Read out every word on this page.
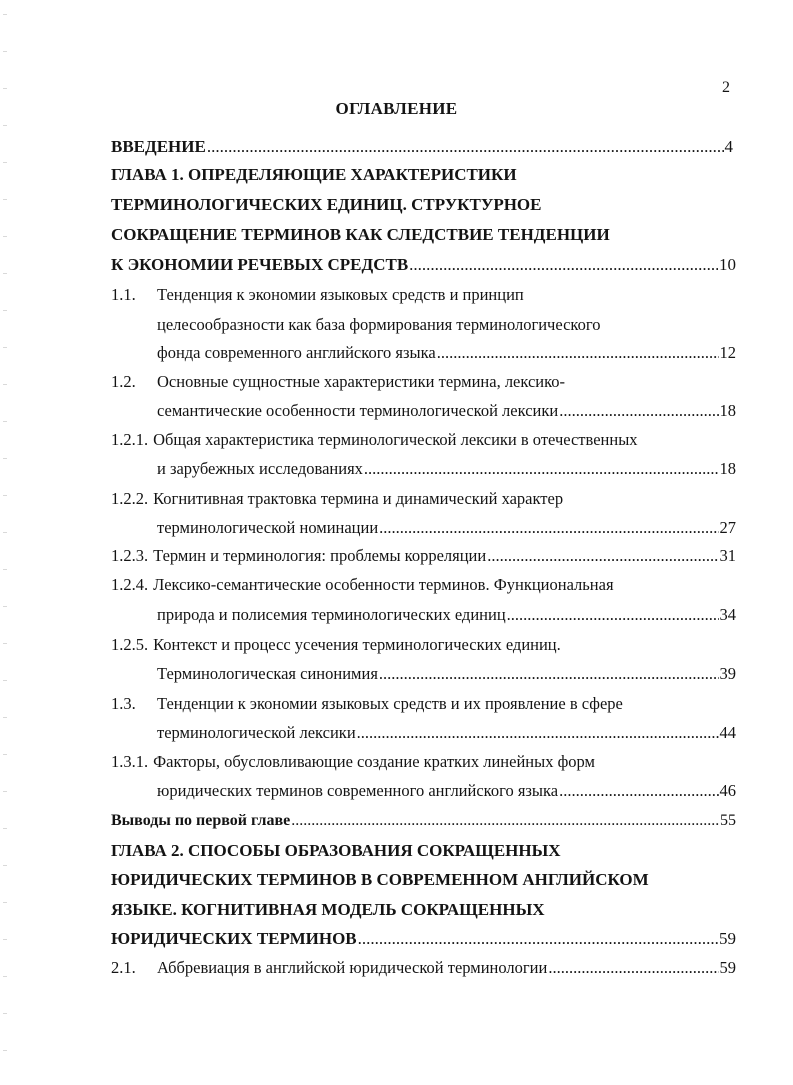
2
ОГЛАВЛЕНИЕ
ВВЕДЕНИЕ .....	4
ГЛАВА 1. ОПРЕДЕЛЯЮЩИЕ ХАРАКТЕРИСТИКИ
ТЕРМИНОЛОГИЧЕСКИХ ЕДИНИЦ. СТРУКТУРНОЕ
СОКРАЩЕНИЕ ТЕРМИНОВ КАК СЛЕДСТВИЕ ТЕНДЕНЦИИ
К ЭКОНОМИИ РЕЧЕВЫХ СРЕДСТВ .....	10
1.1.	Тенденция к экономии языковых средств и принцип
целесообразности как база формирования терминологического
фонда современного английского языка .....	12
1.2.	Основные сущностные характеристики термина, лексико-
семантические особенности терминологической лексики .....	18
1.2.1. Общая характеристика терминологической лексики в отечественных
и зарубежных исследованиях .....	18
1.2.2. Когнитивная трактовка термина и динамический характер
терминологической номинации .....	27
1.2.3. Термин и терминология: проблемы корреляции .....	31
1.2.4. Лексико-семантические особенности терминов. Функциональная
природа и полисемия терминологических единиц .....	34
1.2.5. Контекст и процесс усечения терминологических единиц.
Терминологическая синонимия .....	39
1.3.	Тенденции к экономии языковых средств и их проявление в сфере
терминологической лексики .....	44
1.3.1. Факторы, обусловливающие создание кратких линейных форм
юридических терминов современного английского языка .....	46
Выводы по первой главе .....	55
ГЛАВА 2. СПОСОБЫ ОБРАЗОВАНИЯ СОКРАЩЕННЫХ
ЮРИДИЧЕСКИХ ТЕРМИНОВ В СОВРЕМЕННОМ АНГЛИЙСКОМ
ЯЗЫКЕ. КОГНИТИВНАЯ МОДЕЛЬ СОКРАЩЕННЫХ
ЮРИДИЧЕСКИХ ТЕРМИНОВ .....	59
2.1.	Аббревиация в английской юридической терминологии .....	59
